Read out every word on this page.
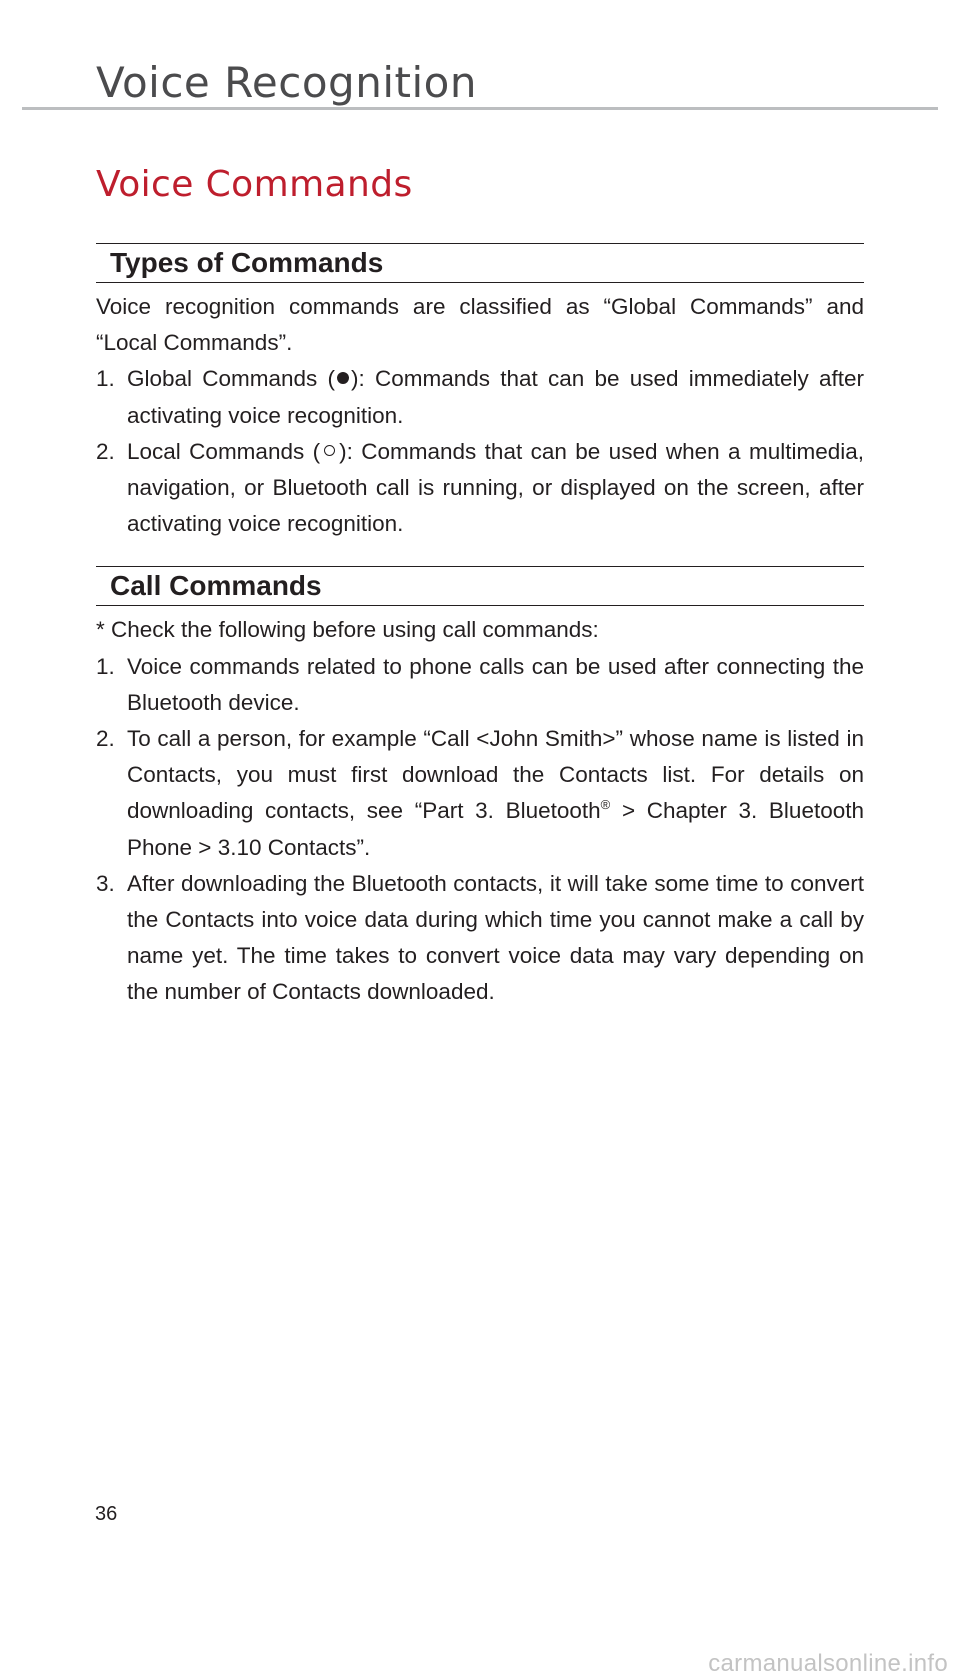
Voice Recognition
Voice Commands
Types of Commands

Voice recognition commands are classified as “Global Commands” and “Local Commands”.

1. Global Commands ( ): Commands that can be used immediately after activating voice recognition.
2. Local Commands ( ): Commands that can be used when a multimedia, navigation, or Bluetooth call is running, or displayed on the screen, after activating voice recognition.
Call Commands

* Check the following before using call commands:

1. Voice commands related to phone calls can be used after connecting the Bluetooth device.
2. To call a person, for example “Call <John Smith>” whose name is listed in Contacts, you must first download the Contacts list. For details on downloading contacts, see “Part 3. Bluetooth® > Chapter 3. Bluetooth Phone > 3.10 Contacts”.
3. After downloading the Bluetooth contacts, it will take some time to convert the Contacts into voice data during which time you cannot make a call by name yet. The time takes to convert voice data may vary depending on the number of Contacts downloaded.
36
carmanualsonline.info
